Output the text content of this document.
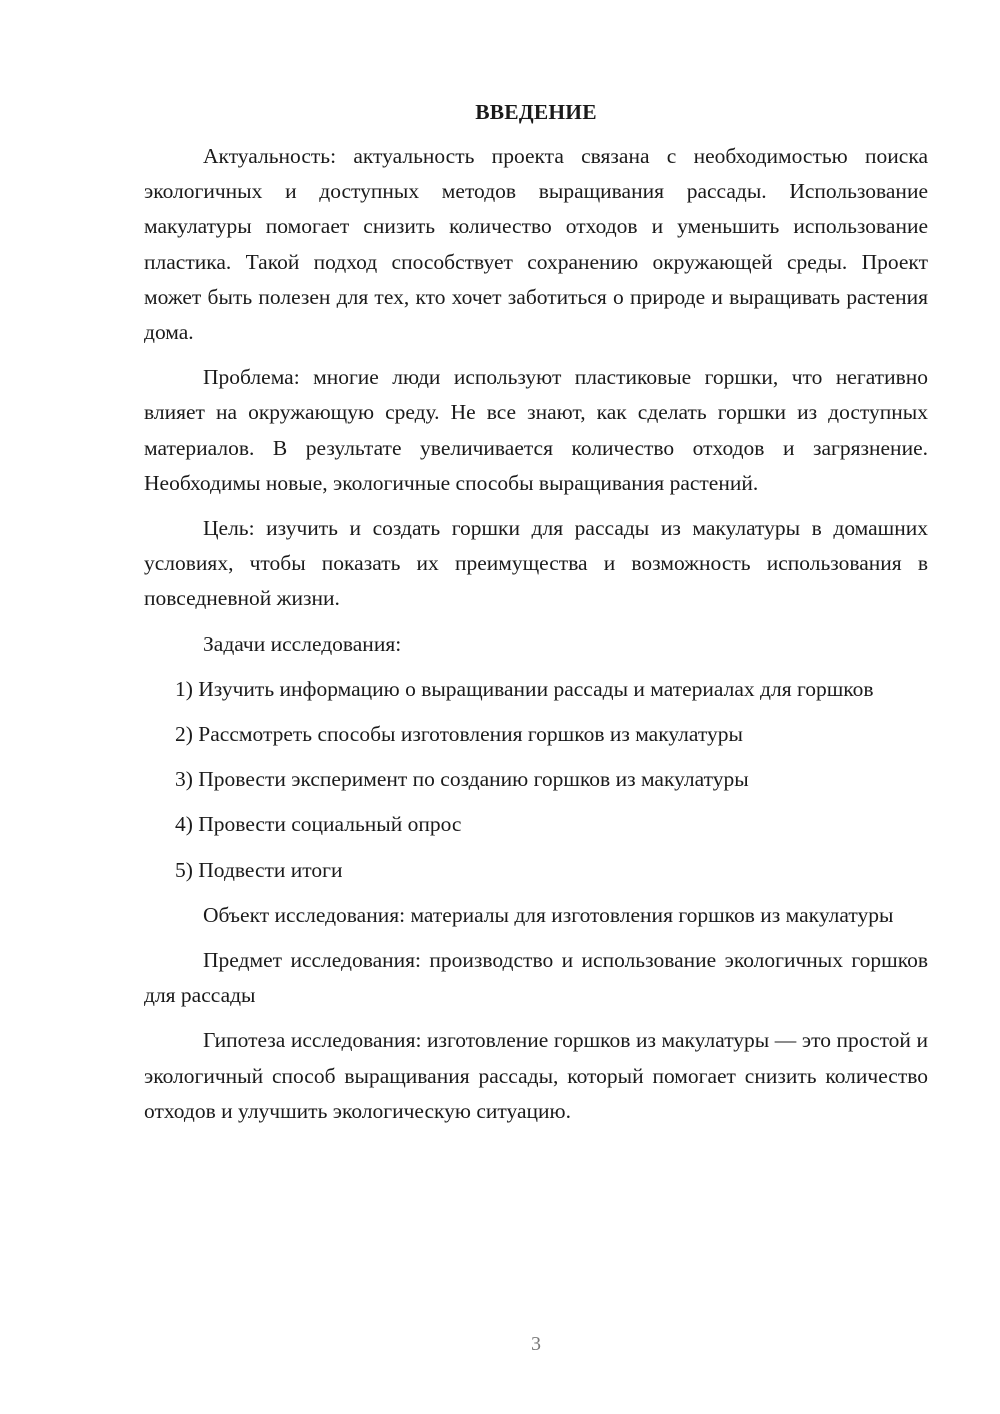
ВВЕДЕНИЕ

Актуальность: актуальность проекта связана с необходимостью поиска экологичных и доступных методов выращивания рассады. Использование макулатуры помогает снизить количество отходов и уменьшить использование пластика. Такой подход способствует сохранению окружающей среды. Проект может быть полезен для тех, кто хочет заботиться о природе и выращивать растения дома.

Проблема: многие люди используют пластиковые горшки, что негативно влияет на окружающую среду. Не все знают, как сделать горшки из доступных материалов. В результате увеличивается количество отходов и загрязнение. Необходимы новые, экологичные способы выращивания растений.

Цель: изучить и создать горшки для рассады из макулатуры в домашних условиях, чтобы показать их преимущества и возможность использования в повседневной жизни.

Задачи исследования:

1) Изучить информацию о выращивании рассады и материалах для горшков

2) Рассмотреть способы изготовления горшков из макулатуры

3) Провести эксперимент по созданию горшков из макулатуры

4) Провести социальный опрос

5) Подвести итоги

Объект исследования: материалы для изготовления горшков из макулатуры

Предмет исследования: производство и использование экологичных горшков для рассады

Гипотеза исследования: изготовление горшков из макулатуры — это простой и экологичный способ выращивания рассады, который помогает снизить количество отходов и улучшить экологическую ситуацию.

3
